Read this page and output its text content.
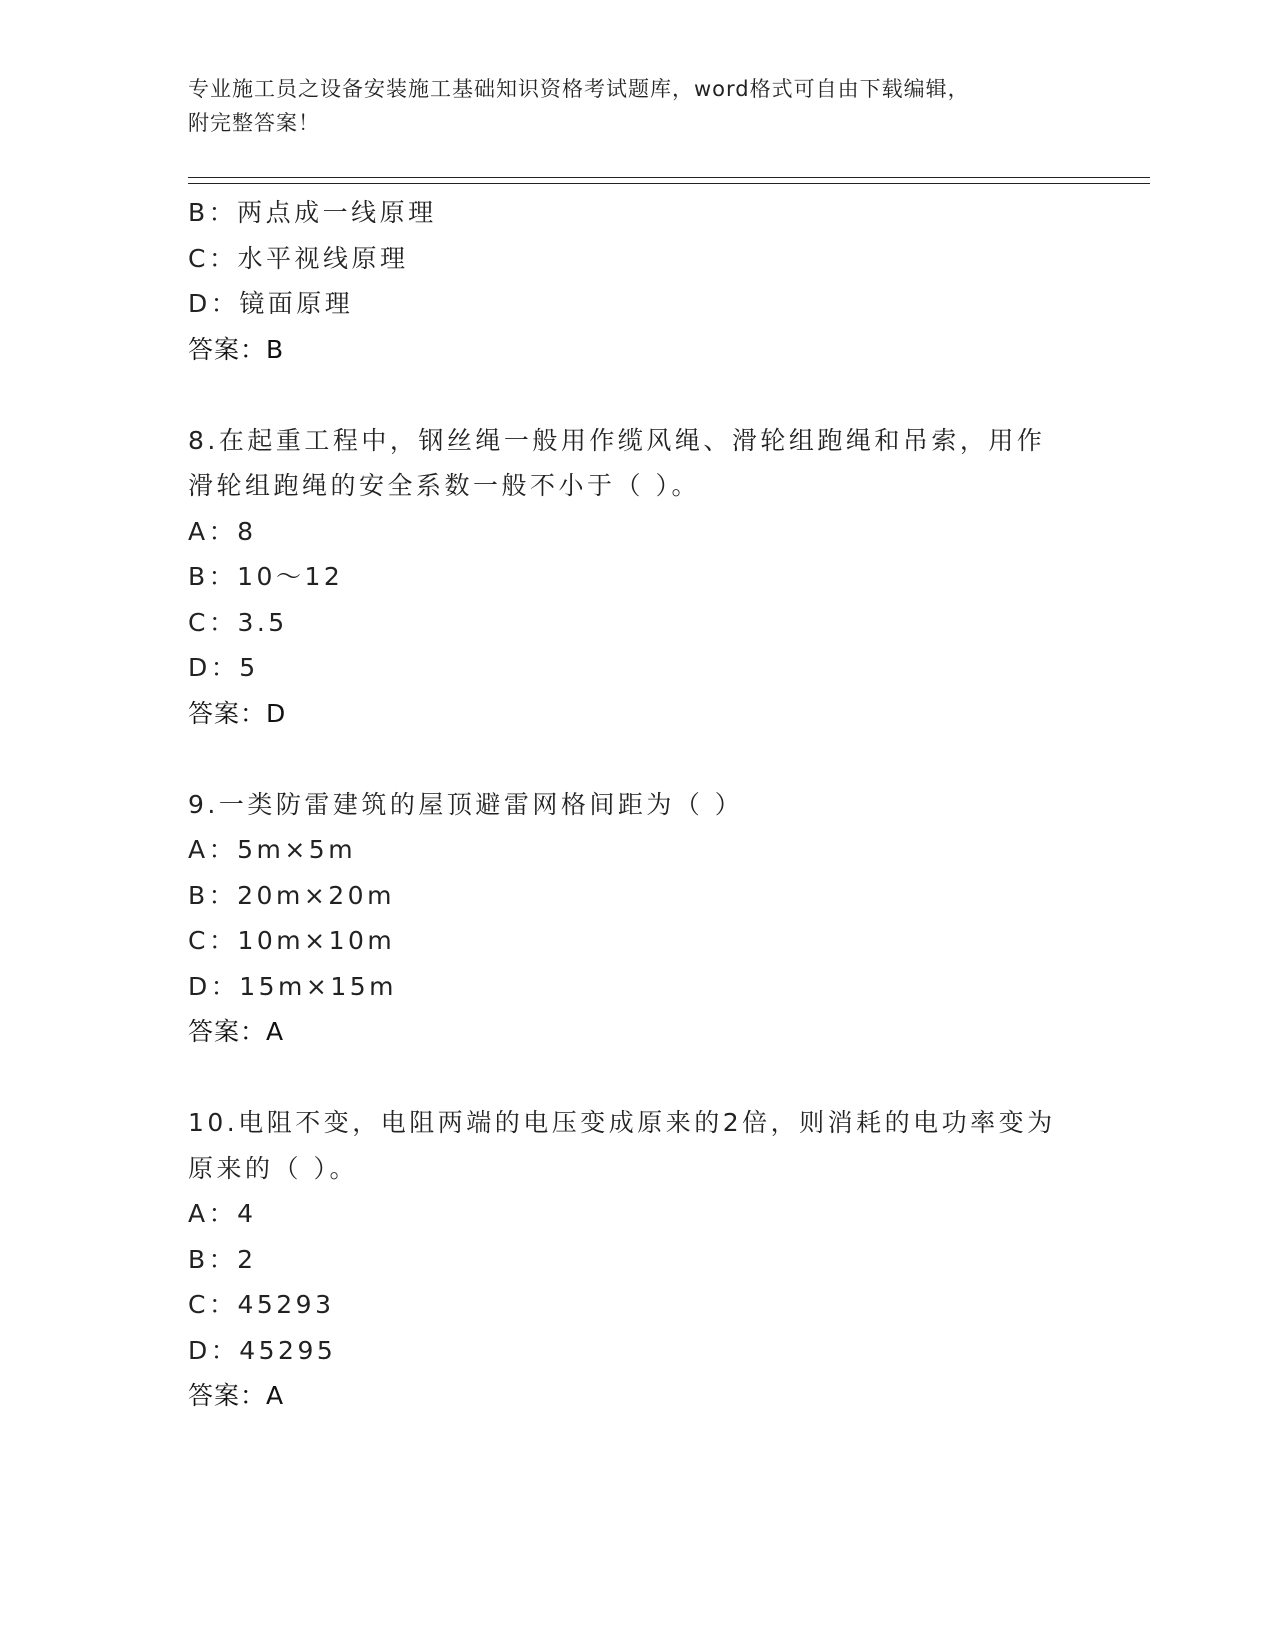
专业施工员之设备安装施工基础知识资格考试题库，word格式可自由下载编辑，
附完整答案！
B：两点成一线原理
C：水平视线原理
D：镜面原理
答案：B
8.在起重工程中，钢丝绳一般用作缆风绳、滑轮组跑绳和吊索，用作
滑轮组跑绳的安全系数一般不小于（ ）。
A：8
B：10～12
C：3.5
D：5
答案：D
9.一类防雷建筑的屋顶避雷网格间距为（ ）
A：5m×5m
B：20m×20m
C：10m×10m
D：15m×15m
答案：A
10.电阻不变，电阻两端的电压变成原来的2倍，则消耗的电功率变为
原来的（ ）。
A：4
B：2
C：45293
D：45295
答案：A
